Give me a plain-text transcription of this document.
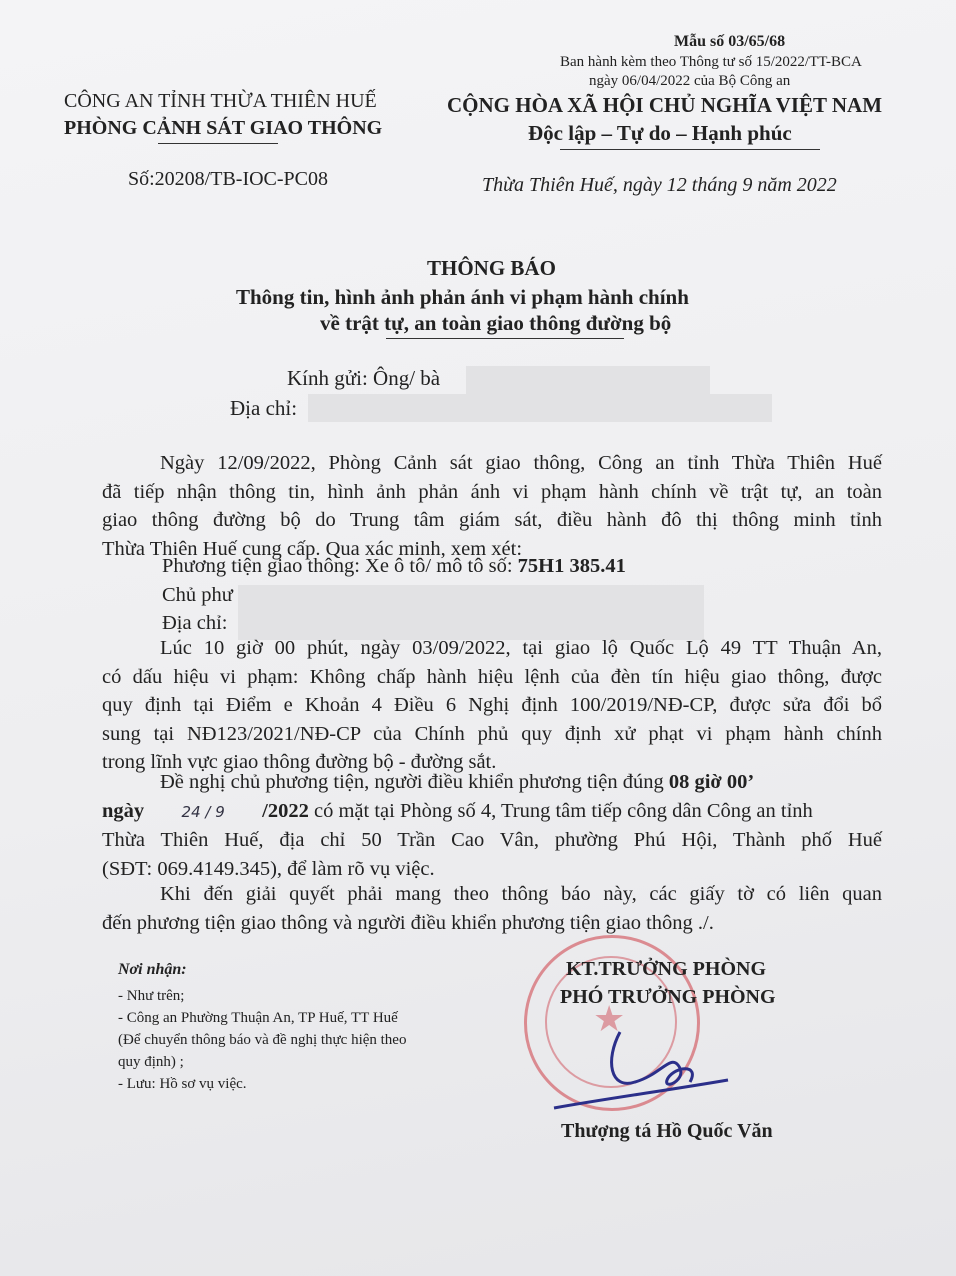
Mẫu số 03/65/68
Ban hành kèm theo Thông tư số 15/2022/TT-BCA
ngày 06/04/2022 của Bộ Công an
CÔNG AN TỈNH THỪA THIÊN HUẾ
PHÒNG CẢNH SÁT GIAO THÔNG
Số:20208/TB-IOC-PC08
CỘNG HÒA XÃ HỘI CHỦ NGHĨA VIỆT NAM
Độc lập – Tự do – Hạnh phúc
Thừa Thiên Huế, ngày 12 tháng 9 năm 2022
THÔNG BÁO
Thông tin, hình ảnh phản ánh vi phạm hành chính
về trật tự, an toàn giao thông đường bộ
Kính gửi: Ông/ bà
Địa chỉ:
Ngày 12/09/2022, Phòng Cảnh sát giao thông, Công an tỉnh Thừa Thiên Huế
đã tiếp nhận thông tin, hình ảnh phản ánh vi phạm hành chính về trật tự, an toàn
giao thông đường bộ do Trung tâm giám sát, điều hành đô thị thông minh tỉnh
Thừa Thiên Huế cung cấp. Qua xác minh, xem xét:
Phương tiện giao thông: Xe ô tô/ mô tô số: 75H1 385.41
Chủ phư
Địa chỉ:
Lúc 10 giờ 00 phút, ngày 03/09/2022, tại giao lộ Quốc Lộ 49 TT Thuận An,
có dấu hiệu vi phạm: Không chấp hành hiệu lệnh của đèn tín hiệu giao thông, được
quy định tại Điểm e Khoản 4 Điều 6 Nghị định 100/2019/NĐ-CP, được sửa đổi bổ
sung tại NĐ123/2021/NĐ-CP của Chính phủ quy định xử phạt vi phạm hành chính
trong lĩnh vực giao thông đường bộ - đường sắt.
Đề nghị chủ phương tiện, người điều khiển phương tiện đúng 08 giờ 00’
ngày 24 / 9 /2022 có mặt tại Phòng số 4, Trung tâm tiếp công dân Công an tỉnh
Thừa Thiên Huế, địa chỉ 50 Trần Cao Vân, phường Phú Hội, Thành phố Huế
(SĐT: 069.4149.345), để làm rõ vụ việc.
Khi đến giải quyết phải mang theo thông báo này, các giấy tờ có liên quan
đến phương tiện giao thông và người điều khiển phương tiện giao thông ./.
Nơi nhận:
- Như trên;
- Công an Phường Thuận An, TP Huế, TT Huế
(Để chuyển thông báo và đề nghị thực hiện theo
quy định) ;
- Lưu: Hồ sơ vụ việc.
★
KT.TRƯỞNG PHÒNG
PHÓ TRƯỞNG PHÒNG
Thượng tá Hồ Quốc Văn
